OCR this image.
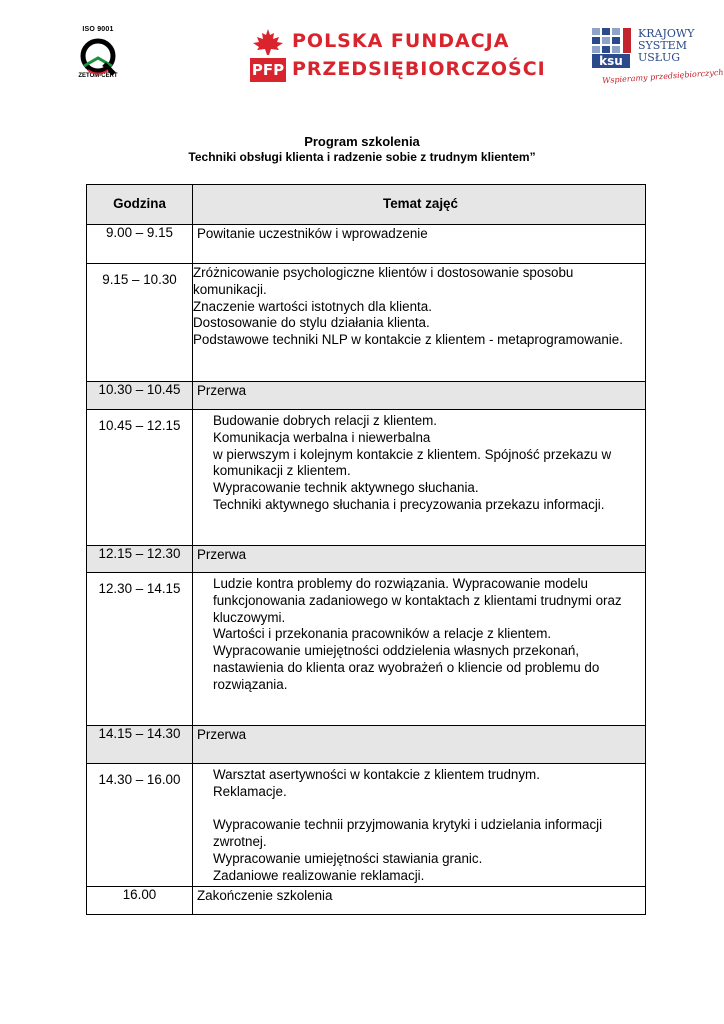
ISO 9001
ZETOM-CERT	PFP
POLSKA FUNDACJA
PRZEDSIĘBIORCZOŚCI	ksu
KRAJOWY
SYSTEM
USŁUG
Wspieramy przedsiębiorczych
Program szkolenia
Techniki obsługi klienta i radzenie sobie z trudnym klientem”
Godzina	Temat zajęć
9.00 – 9.15	Powitanie uczestników i wprowadzenie

9.15 – 10.30	Zróżnicowanie psychologiczne klientów i dostosowanie sposobu komunikacji.
Znaczenie wartości istotnych dla klienta.
Dostosowanie do stylu działania klienta.
Podstawowe techniki NLP w kontakcie z klientem - metaprogramowanie.

10.30 – 10.45	Przerwa

10.45 – 12.15	Budowanie dobrych relacji z klientem.
Komunikacja werbalna i niewerbalna
w pierwszym i kolejnym kontakcie z klientem. Spójność przekazu w komunikacji z klientem.
Wypracowanie technik aktywnego słuchania.
Techniki aktywnego słuchania i precyzowania przekazu informacji.

12.15 – 12.30	Przerwa

12.30 – 14.15	Ludzie kontra problemy do rozwiązania. Wypracowanie modelu funkcjonowania zadaniowego w kontaktach z klientami trudnymi oraz kluczowymi.
Wartości i przekonania pracowników a relacje z klientem.
Wypracowanie umiejętności oddzielenia własnych przekonań, nastawienia do klienta oraz wyobrażeń o kliencie od problemu do rozwiązania.

14.15 – 14.30	Przerwa

14.30 – 16.00	Warsztat asertywności w kontakcie z klientem trudnym.
Reklamacje.
Wypracowanie technii przyjmowania krytyki i udzielania informacji zwrotnej.
Wypracowanie umiejętności stawiania granic.
Zadaniowe realizowanie reklamacji.

16.00	Zakończenie szkolenia
